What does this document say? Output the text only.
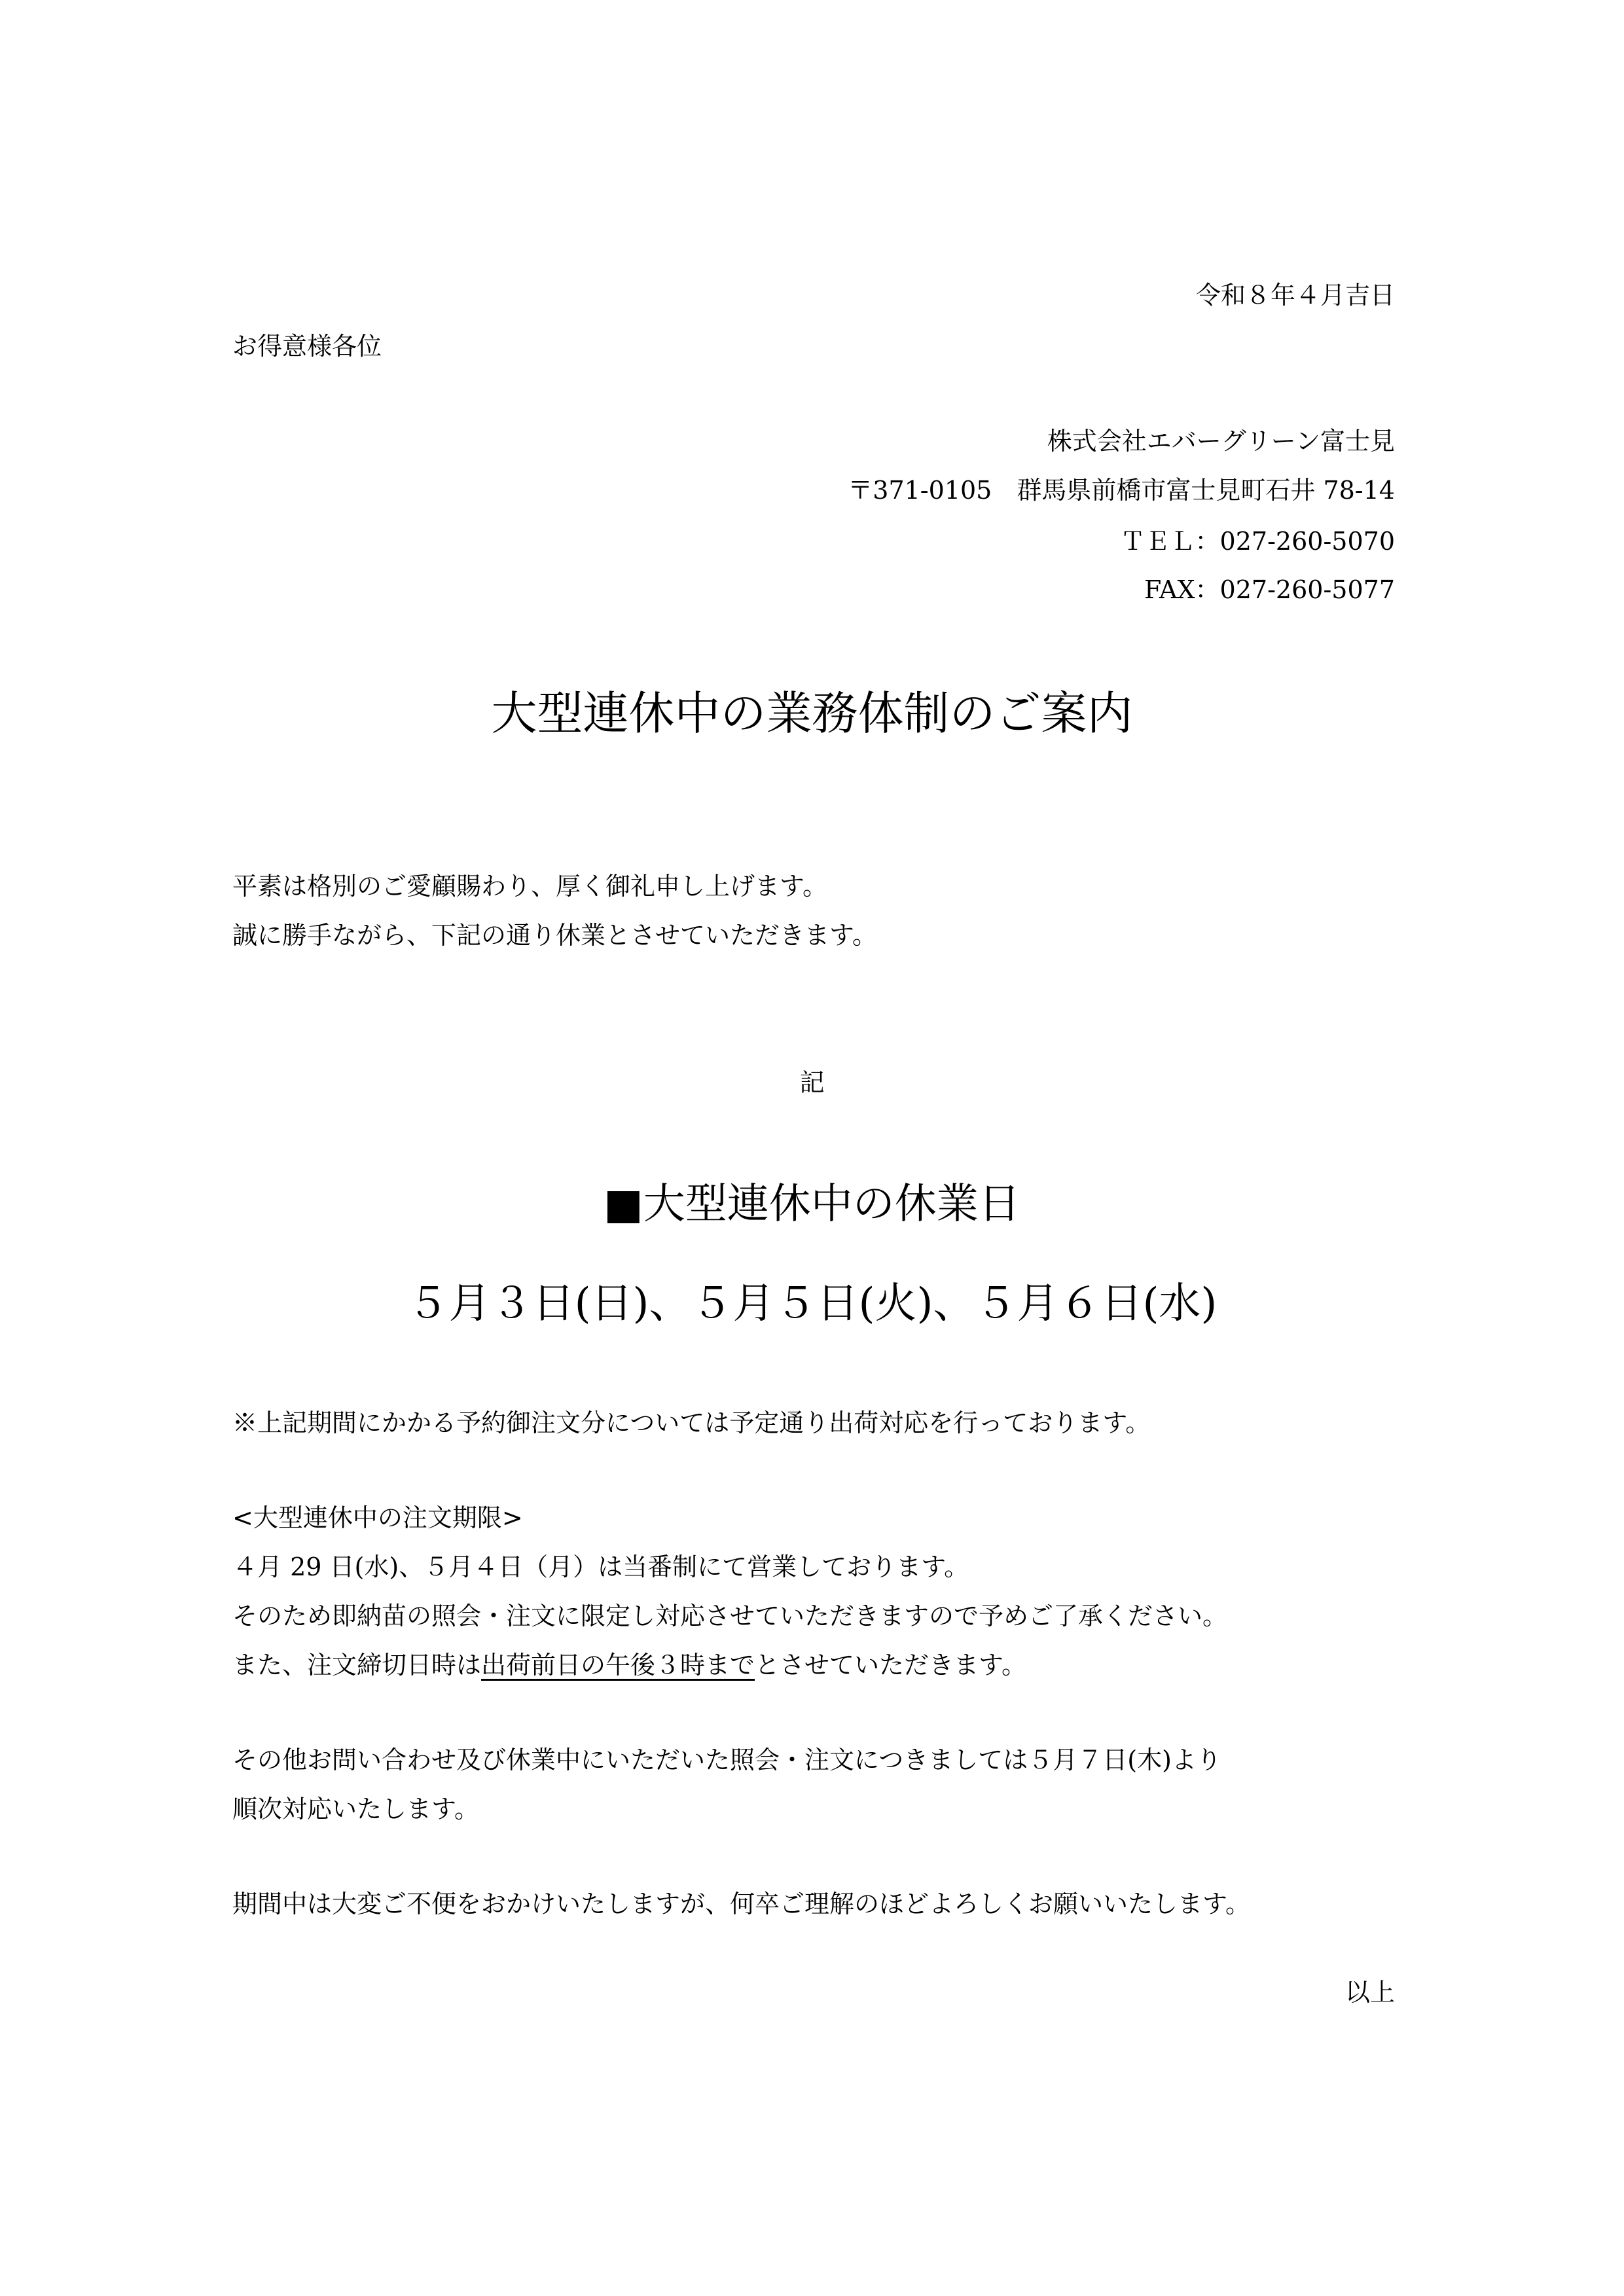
令和８年４月吉日
お得意様各位
株式会社エバーグリーン富士見
〒371-0105　群馬県前橋市富士見町石井 78-14
ＴＥＬ：027-260-5070
FAX：027-260-5077
大型連休中の業務体制のご案内
平素は格別のご愛顧賜わり、厚く御礼申し上げます。
誠に勝手ながら、下記の通り休業とさせていただきます。
記
■大型連休中の休業日
５月３日(日)、５月５日(火)、５月６日(水)
※上記期間にかかる予約御注文分については予定通り出荷対応を行っております。
<大型連休中の注文期限>
４月 29 日(水)、５月４日（月）は当番制にて営業しております。
そのため即納苗の照会・注文に限定し対応させていただきますので予めご了承ください。
また、注文締切日時は出荷前日の午後３時までとさせていただきます。
その他お問い合わせ及び休業中にいただいた照会・注文につきましては５月７日(木)より
順次対応いたします。
期間中は大変ご不便をおかけいたしますが、何卒ご理解のほどよろしくお願いいたします。
以上
